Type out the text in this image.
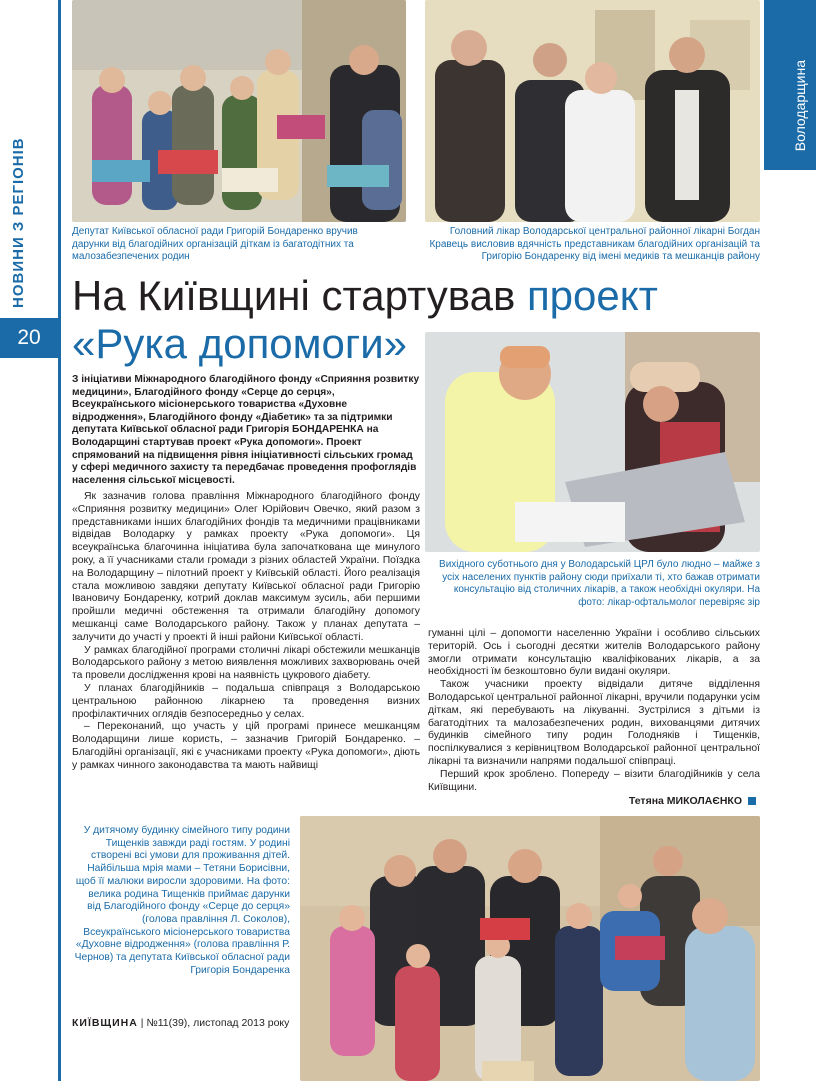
НОВИНИ З РЕГІОНІВ
20
Володарщина
Депутат Київської обласної ради Григорій Бондаренко вручив дарунки від благодійних організацій діткам із багатодітних та малозабезпечених родин
Головний лікар Володарської центральної районної лікарні Богдан Кравець висловив вдячність представникам благодійних організацій та Григорію Бондаренку від імені медиків та мешканців району
На Київщині стартував проект
«Рука допомоги»
Вихідного суботнього дня у Володарській ЦРЛ було людно – майже з усіх населених пунктів району сюди приїхали ті, хто бажав отримати консультацію від столичних лікарів, а також необхідні окуляри. На фото: лікар-офтальмолог перевіряє зір
З ініціативи Міжнародного благодійного фонду «Сприяння розвитку медицини», Благодійного фонду «Серце до серця», Всеукраїнського місіонерського товариства «Духовне відродження», Благодійного фонду «Діабетик» та за підтримки депутата Київської обласної ради Григорія БОНДАРЕНКА на Володарщині стартував проект «Рука допомоги». Проект спрямований на підвищення рівня ініціативності сільських громад у сфері медичного захисту та передбачає проведення профоглядів населення сільської місцевості.

Як зазначив голова правління Міжнародного благодійного фонду «Сприяння розвитку медицини» Олег Юрійович Овечко, який разом з представниками інших благодійних фондів та медичними працівниками відвідав Володарку у рамках проекту «Рука допомоги». Ця всеукраїнська благочинна ініціатива була започаткована ще минулого року, а її учасниками стали громади з різних областей України. Поїздка на Володарщину – пілотний проект у Київській області. Його реалізація стала можливою завдяки депутату Київської обласної ради Григорію Івановичу Бондаренку, котрий доклав максимум зусиль, аби першими пройшли медичні обстеження та отримали благодійну допомогу мешканці саме Володарського району. Також у планах депутата – залучити до участі у проекті й інші райони Київської області.

У рамках благодійної програми столичні лікарі обстежили мешканців Володарського району з метою виявлення можливих захворювань очей та провели дослідження крові на наявність цукрового діабету.

У планах благодійників – подальша співпраця з Володарською центральною районною лікарнею та проведення визних профілактичних оглядів безпосередньо у селах.

– Переконаний, що участь у цій програмі принесе мешканцям Володарщини лише користь, – зазначив Григорій Бондаренко. – Благодійні організації, які є учасниками проекту «Рука допомоги», діють у рамках чинного законодавства та мають найвищі

гуманні цілі – допомогти населенню України і особливо сільських територій. Ось і сьогодні десятки жителів Володарського району змогли отримати консультацію кваліфікованих лікарів, а за необхідності їм безкоштовно були видані окуляри.

Також учасники проекту відвідали дитяче відділення Володарської центральної районної лікарні, вручили подарунки усім діткам, які перебувають на лікуванні. Зустрілися з дітьми із багатодітних та малозабезпечених родин, вихованцями дитячих будинків сімейного типу родин Голодняків і Тищенків, поспілкувалися з керівництвом Володарської районної центральної лікарні та визначили напрями подальшої співпраці.

Перший крок зроблено. Попереду – візити благодійників у села Київщини.

Тетяна МИКОЛАЄНКО
У дитячому будинку сімейного типу родини Тищенків завжди раді гостям. У родині створені всі умови для проживання дітей. Найбільша мрія мами – Тетяни Борисівни, щоб її малюки виросли здоровими. На фото: велика родина Тищенків приймає дарунки від Благодійного фонду «Серце до серця» (голова правління Л. Соколов), Всеукраїнського місіонерського товариства «Духовне відродження» (голова правління Р. Чернов) та депутата Київської обласної ради Григорія Бондаренка
КИЇВЩИНА | №11(39), листопад 2013 року
